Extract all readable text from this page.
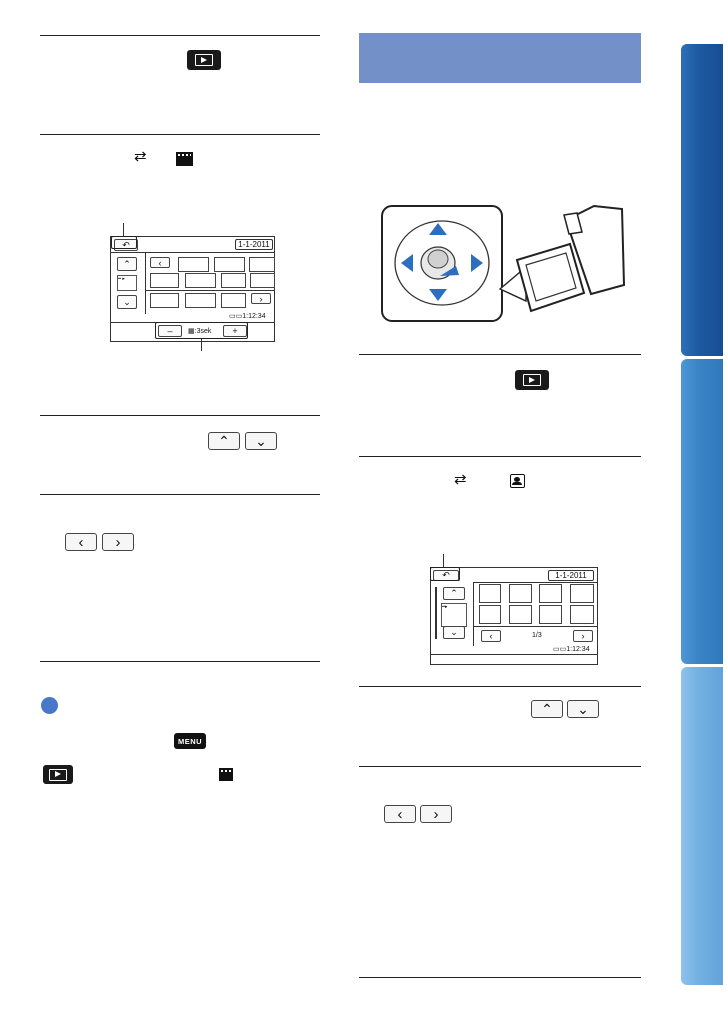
⇄
↶	1-1-2011
⌃
━ ▸
⌄
‹
›
▭▭1:12:34
–	▦:3sek	+
⌃	⌄
‹	›
MENU
⇄
↶	1-1-2011
⌃
━▸
⌄	‹	1/3	›
▭▭1:12:34
⌃	⌄
‹	›
